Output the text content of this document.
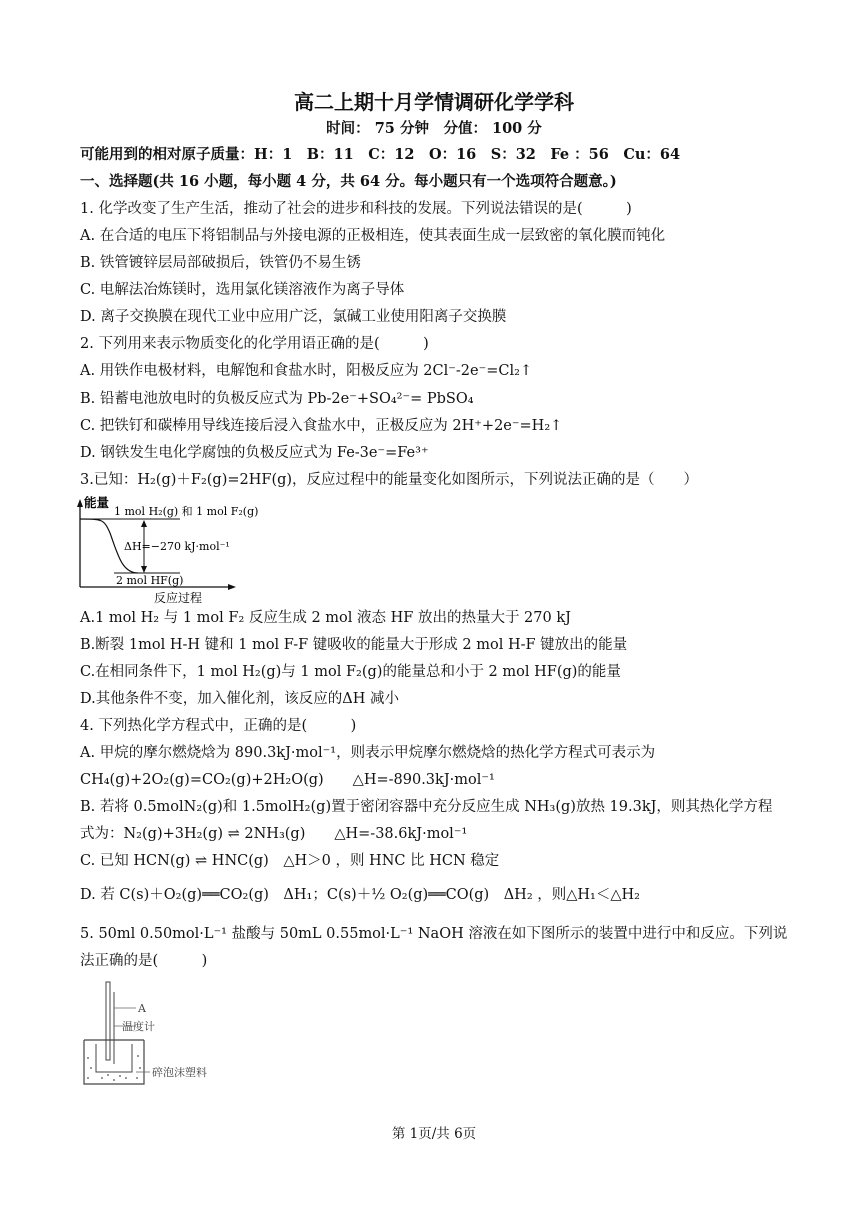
高二上期十月学情调研化学学科
时间： 75 分钟　分值： 100 分
可能用到的相对原子质量：H：1　B：11　C：12　O：16　S：32　Fe ：56　Cu：64
一、选择题(共 16 小题，每小题 4 分，共 64 分。每小题只有一个选项符合题意。)
1. 化学改变了生产生活，推动了社会的进步和科技的发展。下列说法错误的是(　　　)
A. 在合适的电压下将铝制品与外接电源的正极相连，使其表面生成一层致密的氧化膜而钝化
B. 铁管镀锌层局部破损后，铁管仍不易生锈
C. 电解法冶炼镁时，选用氯化镁溶液作为离子导体
D. 离子交换膜在现代工业中应用广泛，氯碱工业使用阳离子交换膜
2. 下列用来表示物质变化的化学用语正确的是(　　　)
A. 用铁作电极材料，电解饱和食盐水时，阳极反应为 2Cl⁻-2e⁻=Cl₂↑
B. 铅蓄电池放电时的负极反应式为 Pb-2e⁻+SO₄²⁻= PbSO₄
C. 把铁钉和碳棒用导线连接后浸入食盐水中，正极反应为 2H⁺+2e⁻=H₂↑
D. 钢铁发生电化学腐蚀的负极反应式为 Fe-3e⁻=Fe³⁺
3.已知：H₂(g)＋F₂(g)=2HF(g)，反应过程中的能量变化如图所示，下列说法正确的是（　　）
能量
1 mol H₂(g) 和 1 mol F₂(g)
ΔH=−270 kJ·mol⁻¹
2 mol HF(g)
反应过程
A.1 mol H₂ 与 1 mol F₂ 反应生成 2 mol 液态 HF 放出的热量大于 270 kJ
B.断裂 1mol H-H 键和 1 mol F-F 键吸收的能量大于形成 2 mol H-F 键放出的能量
C.在相同条件下，1 mol H₂(g)与 1 mol F₂(g)的能量总和小于 2 mol HF(g)的能量
D.其他条件不变，加入催化剂，该反应的ΔH 减小
4. 下列热化学方程式中，正确的是(　　　)
A. 甲烷的摩尔燃烧焓为 890.3kJ·mol⁻¹，则表示甲烷摩尔燃烧焓的热化学方程式可表示为
CH₄(g)+2O₂(g)=CO₂(g)+2H₂O(g)　　△H=-890.3kJ·mol⁻¹
B. 若将 0.5molN₂(g)和 1.5molH₂(g)置于密闭容器中充分反应生成 NH₃(g)放热 19.3kJ，则其热化学方程
式为：N₂(g)+3H₂(g) ⇌ 2NH₃(g)　　△H=-38.6kJ·mol⁻¹
C. 已知 HCN(g) ⇌ HNC(g)　△H＞0 ，则 HNC 比 HCN 稳定
D. 若 C(s)＋O₂(g)══CO₂(g)　ΔH₁；C(s)＋½ O₂(g)══CO(g)　ΔH₂ ，则△H₁＜△H₂
5. 50ml 0.50mol·L⁻¹ 盐酸与 50mL 0.55mol·L⁻¹ NaOH 溶液在如下图所示的装置中进行中和反应。下列说
法正确的是(　　　)
A
温度计
碎泡沫塑料
第 1页/共 6页
